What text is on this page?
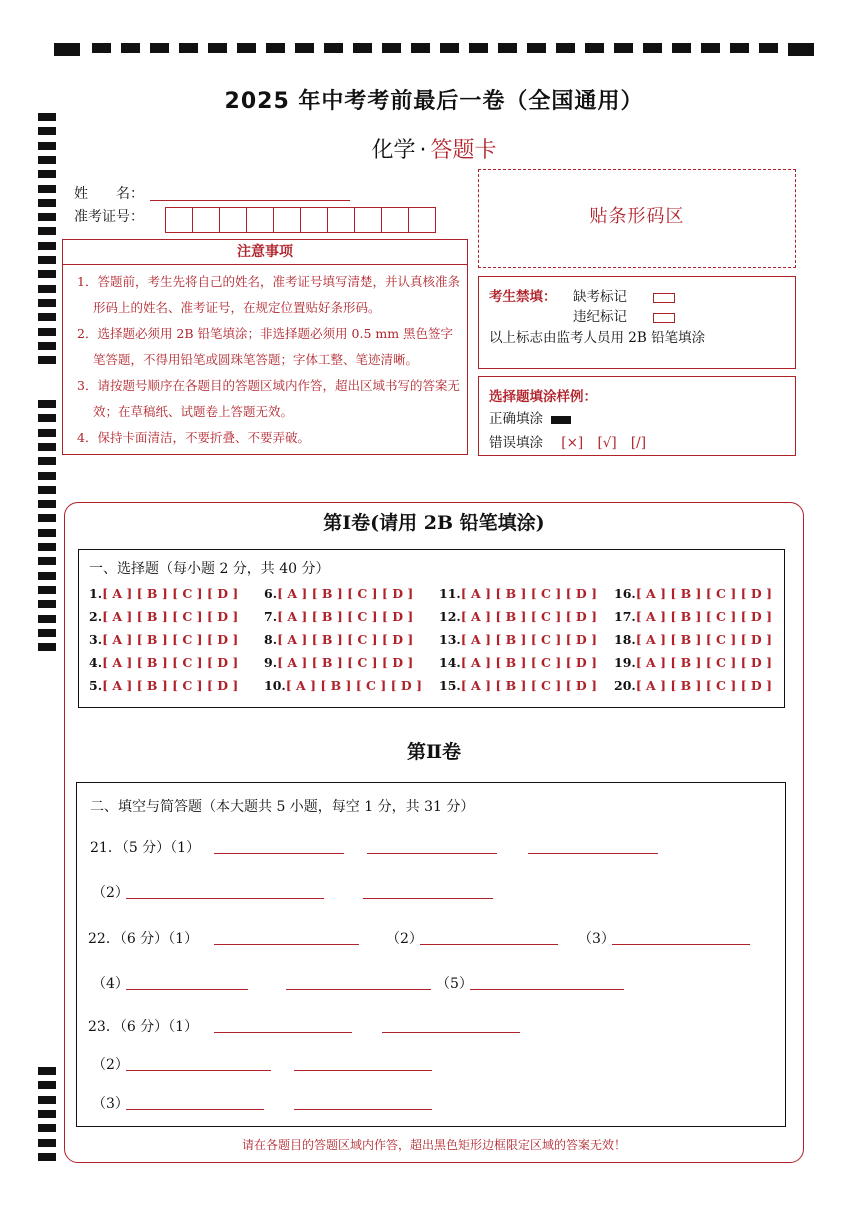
2025 年中考考前最后一卷（全国通用）
化学 · 答题卡
姓　　名：
准考证号：	贴条形码区
注意事项
1．答题前，考生先将自己的姓名，准考证号填写清楚，并认真核准条形码上的姓名、准考证号，在规定位置贴好条形码。
2．选择题必须用 2B 铅笔填涂；非选择题必须用 0.5 mm 黑色签字笔答题，不得用铅笔或圆珠笔答题；字体工整、笔迹清晰。
3．请按题号顺序在各题目的答题区域内作答，超出区域书写的答案无效；在草稿纸、试题卷上答题无效。
4．保持卡面清洁，不要折叠、不要弄破。
考生禁填： 缺考标记
违纪标记
以上标志由监考人员用 2B 铅笔填涂
选择题填涂样例：
正确填涂
错误填涂 [×] [√] [/]
第Ⅰ卷(请用 2B 铅笔填涂)
一、选择题（每小题 2 分，共 40 分）
1.[ A ] [ B ] [ C ] [ D ]
2.[ A ] [ B ] [ C ] [ D ]
3.[ A ] [ B ] [ C ] [ D ]
4.[ A ] [ B ] [ C ] [ D ]
5.[ A ] [ B ] [ C ] [ D ]
6.[ A ] [ B ] [ C ] [ D ]
7.[ A ] [ B ] [ C ] [ D ]
8.[ A ] [ B ] [ C ] [ D ]
9.[ A ] [ B ] [ C ] [ D ]
10.[ A ] [ B ] [ C ] [ D ]
11.[ A ] [ B ] [ C ] [ D ]
12.[ A ] [ B ] [ C ] [ D ]
13.[ A ] [ B ] [ C ] [ D ]
14.[ A ] [ B ] [ C ] [ D ]
15.[ A ] [ B ] [ C ] [ D ]
16.[ A ] [ B ] [ C ] [ D ]
17.[ A ] [ B ] [ C ] [ D ]
18.[ A ] [ B ] [ C ] [ D ]
19.[ A ] [ B ] [ C ] [ D ]
20.[ A ] [ B ] [ C ] [ D ]
第Ⅱ卷
二、填空与简答题（本大题共 5 小题，每空 1 分，共 31 分）
21．（5 分）（1）
（2）
22．（6 分）（1）	（2）	（3）
（4）	（5）
23．（6 分）（1）
（2）
（3）
请在各题目的答题区域内作答，超出黑色矩形边框限定区域的答案无效！
